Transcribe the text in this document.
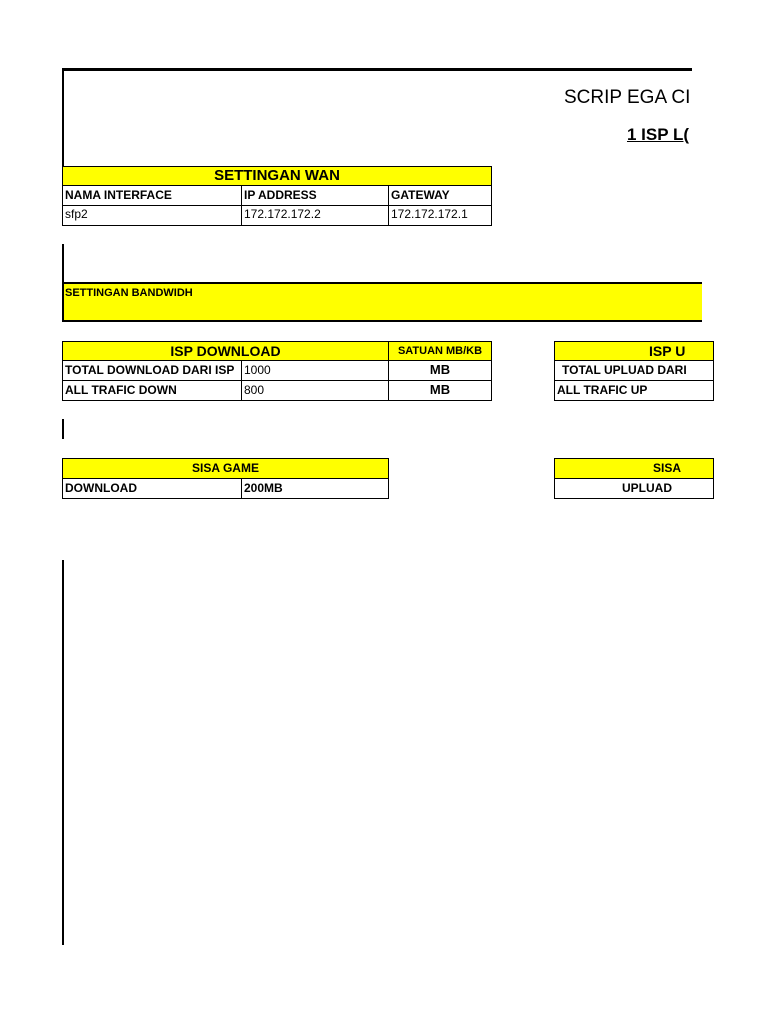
SCRIP EGA CI
1 ISP L(
SETTINGAN WAN
NAMA INTERFACE	IP ADDRESS	GATEWAY
sfp2	172.172.172.2	172.172.172.1
SETTINGAN BANDWIDH
ISP DOWNLOAD	SATUAN MB/KB
TOTAL DOWNLOAD DARI ISP 1000	MB
ALL TRAFIC DOWN	800	MB
ISP U
TOTAL UPLUAD DARI
ALL TRAFIC UP
SISA GAME
DOWNLOAD	200MB
SISA
UPLUAD
